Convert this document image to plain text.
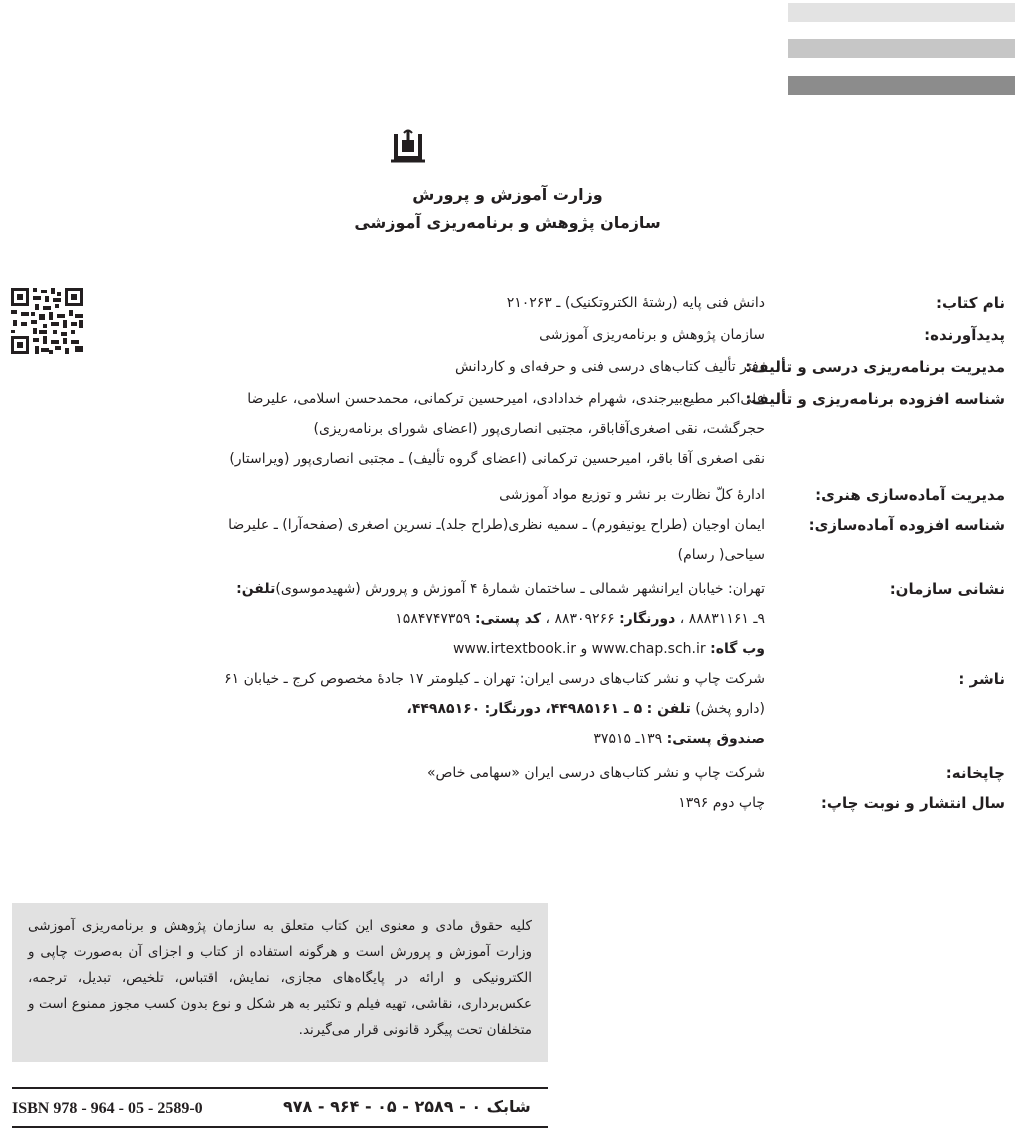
وزارت آموزش و پرورش
سازمان پژوهش و برنامه‌ریزی آموزشی
نام کتاب:
دانش فنی پایه (رشتۀ الکتروتکنیک) ـ ۲۱۰۲۶۳
پدیدآورنده:
سازمان پژوهش و برنامه‌ریزی آموزشی
مدیریت برنامه‌ریزی درسی و تألیف:
دفتر تألیف کتاب‌های درسی فنی و حرفه‌ای و کاردانش
شناسه افزوده برنامه‌ریزی و تألیف:
علی‌اکبر مطیع‌بیرجندی، شهرام خدادادی، امیرحسین ترکمانی، محمدحسن اسلامی، علیرضا
حجرگشت، نقی اصغری‌آقاباقر، مجتبی انصاری‌پور (اعضای شورای برنامه‌ریزی)
نقی اصغری آقا باقر، امیرحسین ترکمانی (اعضای گروه تألیف) ـ مجتبی انصاری‌پور (ویراستار)
مدیریت آماده‌سازی هنری:
ادارۀ کلّ نظارت بر نشر و توزیع مواد آموزشی
شناسه افزوده آماده‌سازی:
ایمان اوجیان (طراح یونیفورم) ـ سمیه نظری(طراح جلد)ـ نسرین اصغری (صفحه‌آرا) ـ علیرضا
سیاحی( رسام)
نشانی سازمان:
تهران: خیابان ایرانشهر شمالی ـ ساختمان شمارۀ ۴ آموزش و پرورش (شهیدموسوی)تلفن:
۹ـ ۸۸۸۳۱۱۶۱ ، دورنگار: ۸۸۳۰۹۲۶۶ ، کد پستی: ۱۵۸۴۷۴۷۳۵۹
وب گاه: www.chap.sch.ir و www.irtextbook.ir
ناشر :
شرکت چاپ و نشر کتاب‌های درسی ایران: تهران ـ کیلومتر ۱۷ جادۀ مخصوص کرج ـ خیابان ۶۱
(دارو پخش) تلفن : ۵ ـ ۴۴۹۸۵۱۶۱، دورنگار: ۴۴۹۸۵۱۶۰،
صندوق پستی: ۱۳۹ـ ۳۷۵۱۵
چاپخانه:
شرکت چاپ و نشر کتاب‌های درسی ایران «سهامی خاص»
سال انتشار و نوبت چاپ:
چاپ دوم ۱۳۹۶
کلیه حقوق مادی و معنوی این کتاب متعلق به سازمان پژوهش و برنامه‌ریزی آموزشی وزارت آموزش و پرورش است و هرگونه استفاده از کتاب و اجزای آن به‌صورت چاپی و الکترونیکی و ارائه در پایگاه‌های مجازی، نمایش، اقتباس، تلخیص، تبدیل، ترجمه، عکس‌برداری، نقاشی، تهیه فیلم و تکثیر به هر شکل و نوع بدون کسب مجوز ممنوع است و متخلفان تحت پیگرد قانونی قرار می‌گیرند.
ISBN 978 - 964 - 05 - 2589-0	شابک ۹۷۸ - ۹۶۴ - ۰۵ - ۲۵۸۹ - ۰
